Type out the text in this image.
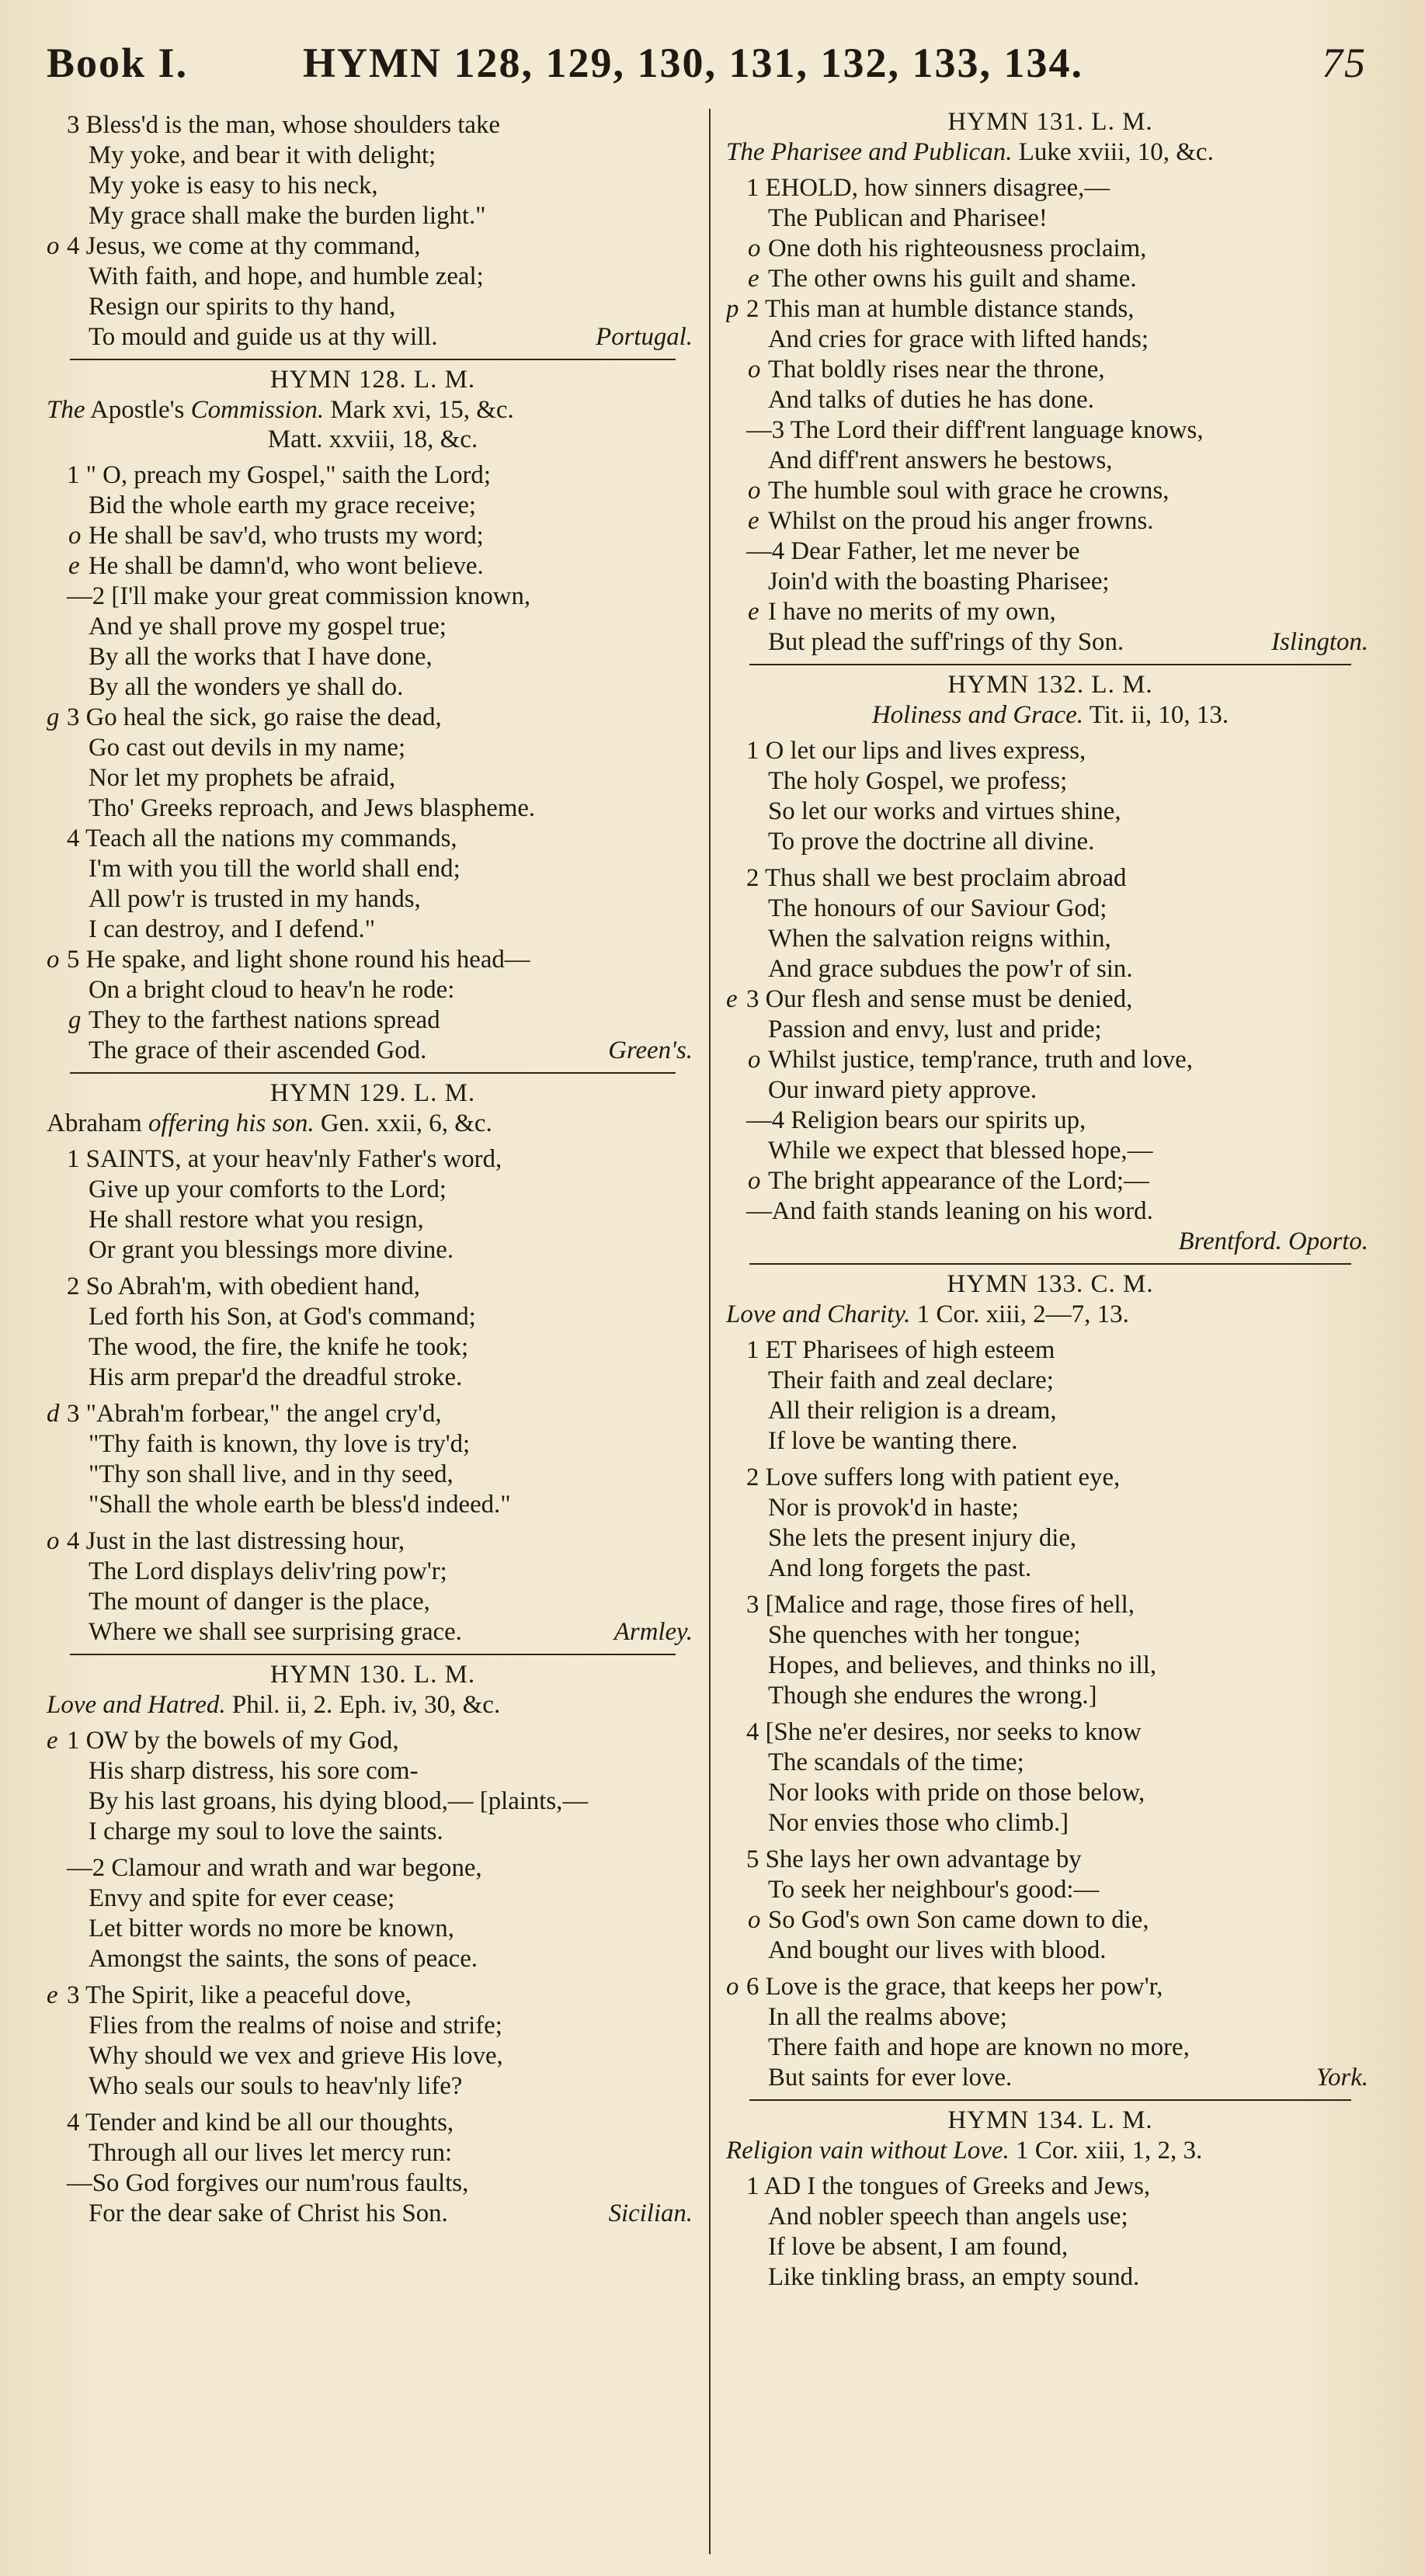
Book I.	HYMN 128, 129, 130, 131, 132, 133, 134.	75
3 Bless'd is the man, whose shoulders take
My yoke, and bear it with delight;
My yoke is easy to his neck,
My grace shall make the burden light."
o 4 Jesus, we come at thy command,
With faith, and hope, and humble zeal;
Resign our spirits to thy hand,
To mould and guide us at thy will.	Portugal.
HYMN 128. L. M.
The Apostle's Commission. Mark xvi, 15, &c.
Matt. xxviii, 18, &c.
1 " O, preach my Gospel," saith the Lord;
Bid the whole earth my grace receive;
o He shall be sav'd, who trusts my word;
e He shall be damn'd, who wont believe.
—2 [I'll make your great commission known,
And ye shall prove my gospel true;
By all the works that I have done,
By all the wonders ye shall do.
g 3 Go heal the sick, go raise the dead,
Go cast out devils in my name;
Nor let my prophets be afraid,
Tho' Greeks reproach, and Jews blaspheme.
4 Teach all the nations my commands,
I'm with you till the world shall end;
All pow'r is trusted in my hands,
I can destroy, and I defend."
o 5 He spake, and light shone round his head—
On a bright cloud to heav'n he rode:
g They to the farthest nations spread
The grace of their ascended God.	Green's.
HYMN 129. L. M.
Abraham offering his son. Gen. xxii, 6, &c.
1 SAINTS, at your heav'nly Father's word,
Give up your comforts to the Lord;
He shall restore what you resign,
Or grant you blessings more divine.
2 So Abrah'm, with obedient hand,
Led forth his Son, at God's command;
The wood, the fire, the knife he took;
His arm prepar'd the dreadful stroke.
d 3 "Abrah'm forbear," the angel cry'd,
"Thy faith is known, thy love is try'd;
"Thy son shall live, and in thy seed,
"Shall the whole earth be bless'd indeed."
o 4 Just in the last distressing hour,
The Lord displays deliv'ring pow'r;
The mount of danger is the place,
Where we shall see surprising grace.	Armley.
HYMN 130. L. M.
Love and Hatred. Phil. ii, 2. Eph. iv, 30, &c.
e 1 OW by the bowels of my God,
His sharp distress, his sore com-
By his last groans, his dying blood,— [plaints,—
I charge my soul to love the saints.
—2 Clamour and wrath and war begone,
Envy and spite for ever cease;
Let bitter words no more be known,
Amongst the saints, the sons of peace.
e 3 The Spirit, like a peaceful dove,
Flies from the realms of noise and strife;
Why should we vex and grieve His love,
Who seals our souls to heav'nly life?
4 Tender and kind be all our thoughts,
Through all our lives let mercy run:
—So God forgives our num'rous faults,
For the dear sake of Christ his Son.	Sicilian.
HYMN 131. L. M.
The Pharisee and Publican. Luke xviii, 10, &c.
1 EHOLD, how sinners disagree,—
The Publican and Pharisee!
o One doth his righteousness proclaim,
e The other owns his guilt and shame.
p 2 This man at humble distance stands,
And cries for grace with lifted hands;
o That boldly rises near the throne,
And talks of duties he has done.
—3 The Lord their diff'rent language knows,
And diff'rent answers he bestows,
o The humble soul with grace he crowns,
e Whilst on the proud his anger frowns.
—4 Dear Father, let me never be
Join'd with the boasting Pharisee;
e I have no merits of my own,
But plead the suff'rings of thy Son.	Islington.
HYMN 132. L. M.
Holiness and Grace. Tit. ii, 10, 13.
1 O let our lips and lives express,
The holy Gospel, we profess;
So let our works and virtues shine,
To prove the doctrine all divine.
2 Thus shall we best proclaim abroad
The honours of our Saviour God;
When the salvation reigns within,
And grace subdues the pow'r of sin.
e 3 Our flesh and sense must be denied,
Passion and envy, lust and pride;
o Whilst justice, temp'rance, truth and love,
Our inward piety approve.
—4 Religion bears our spirits up,
While we expect that blessed hope,—
o The bright appearance of the Lord;—
—And faith stands leaning on his word.
Brentford. Oporto.
HYMN 133. C. M.
Love and Charity. 1 Cor. xiii, 2—7, 13.
1 ET Pharisees of high esteem
Their faith and zeal declare;
All their religion is a dream,
If love be wanting there.
2 Love suffers long with patient eye,
Nor is provok'd in haste;
She lets the present injury die,
And long forgets the past.
3 [Malice and rage, those fires of hell,
She quenches with her tongue;
Hopes, and believes, and thinks no ill,
Though she endures the wrong.]
4 [She ne'er desires, nor seeks to know
The scandals of the time;
Nor looks with pride on those below,
Nor envies those who climb.]
5 She lays her own advantage by
To seek her neighbour's good:—
o So God's own Son came down to die,
And bought our lives with blood.
o 6 Love is the grace, that keeps her pow'r,
In all the realms above;
There faith and hope are known no more,
But saints for ever love.	York.
HYMN 134. L. M.
Religion vain without Love. 1 Cor. xiii, 1, 2, 3.
1 AD I the tongues of Greeks and Jews,
And nobler speech than angels use;
If love be absent, I am found,
Like tinkling brass, an empty sound.
